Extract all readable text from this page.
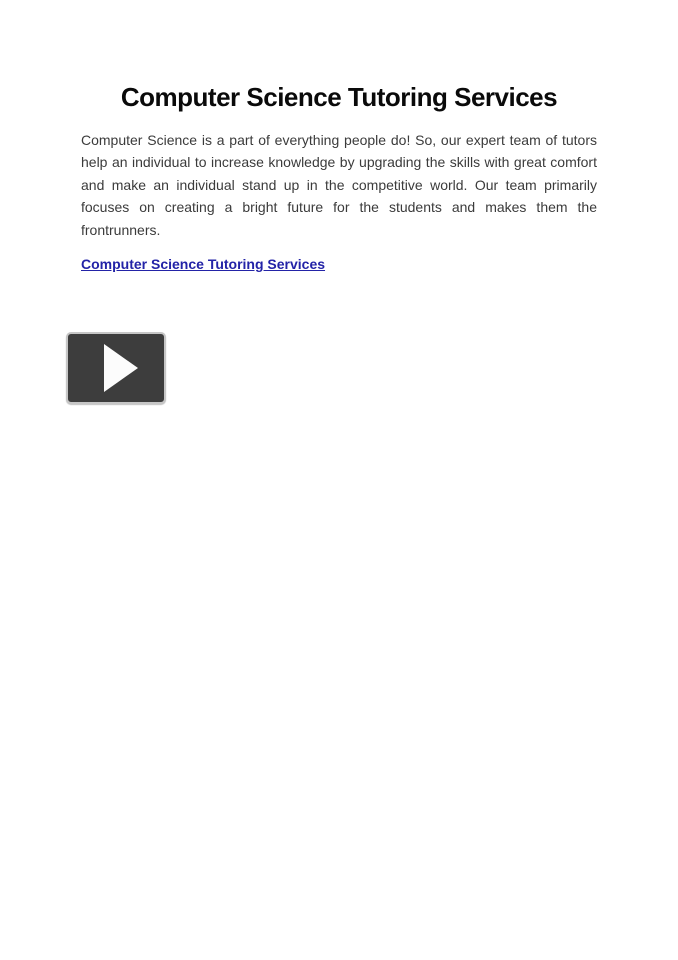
Computer Science Tutoring Services

Computer Science is a part of everything people do! So, our expert team of tutors help an individual to increase knowledge by upgrading the skills with great comfort and make an individual stand up in the competitive world. Our team primarily focuses on creating a bright future for the students and makes them the frontrunners.

Computer Science Tutoring Services
